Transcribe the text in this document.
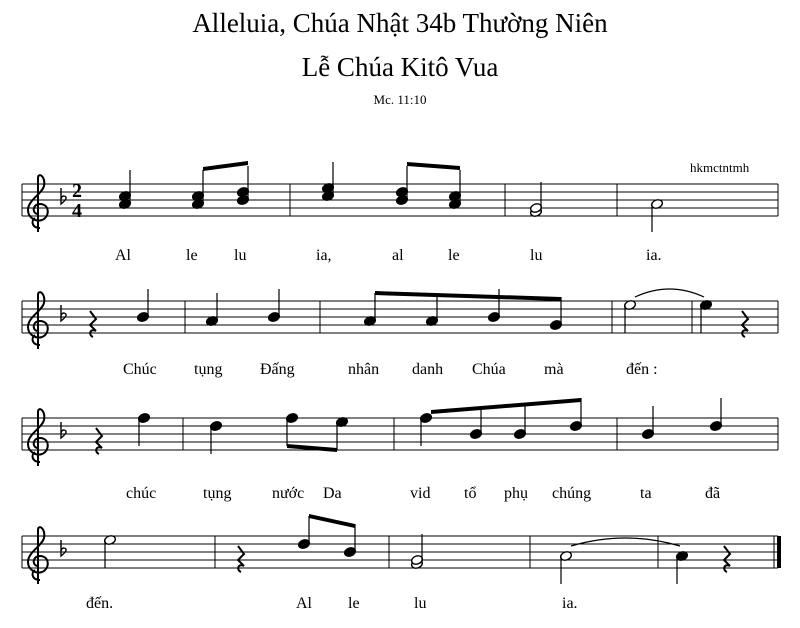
Alleluia, Chúa Nhật 34b Thường Niên
Lễ Chúa Kitô Vua
Mc. 11:10
hkmctntmh
2
4
Al	le lu	ia,	al	le	lu	ia.
Chúc tụng Đấng	nhân danh Chúa mà	đến :
chúc	tụng	nước Da	vid tổ phụ chúng	ta	đã
đến.	Al le	lu	ia.
